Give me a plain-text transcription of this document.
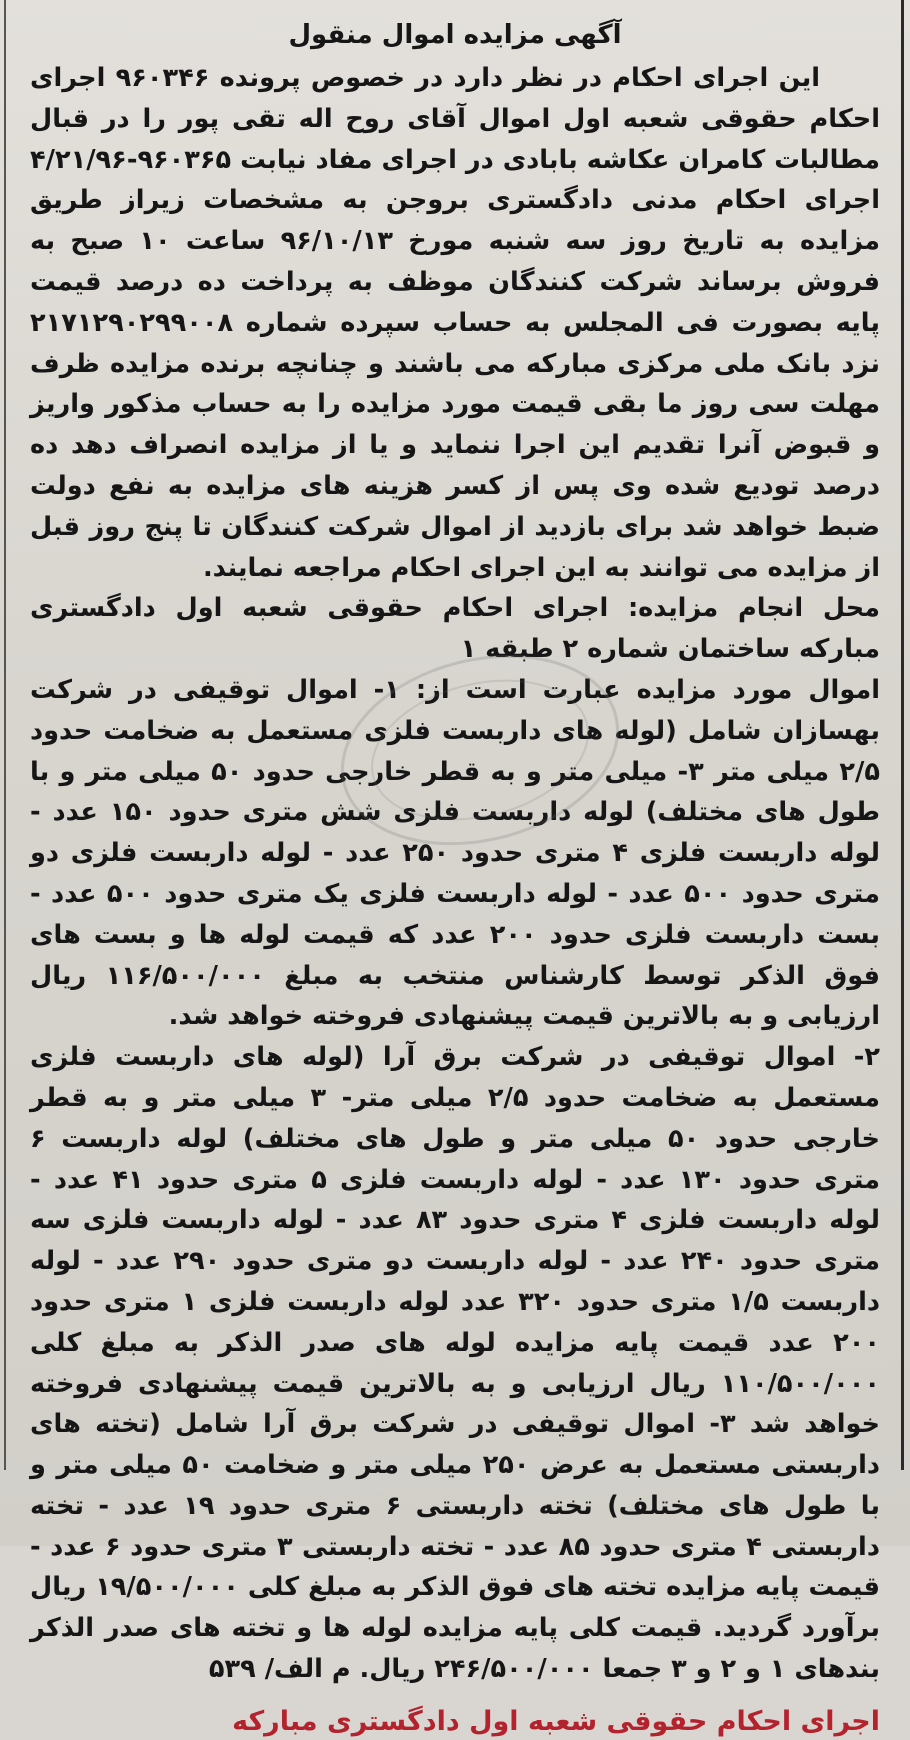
آگهی مزایده اموال منقول

این اجرای احکام در نظر دارد در خصوص پرونده ۹۶۰۳۴۶ اجرای احکام حقوقی شعبه اول اموال آقای روح اله تقی پور را در قبال مطالبات کامران عکاشه بابادی در اجرای مفاد نیابت ۹۶۰۳۶۵-۴/۲۱/۹۶ اجرای احکام مدنی دادگستری بروجن به مشخصات زیراز طریق مزایده به تاریخ روز سه شنبه مورخ ۹۶/۱۰/۱۳ ساعت ۱۰ صبح به فروش برساند شرکت کنندگان موظف به پرداخت ده درصد قیمت پایه بصورت فی المجلس به حساب سپرده شماره ۲۱۷۱۲۹۰۲۹۹۰۰۸ نزد بانک ملی مرکزی مبارکه می باشند و چنانچه برنده مزایده ظرف مهلت سی روز ما بقی قیمت مورد مزایده را به حساب مذکور واریز و قبوض آنرا تقدیم این اجرا ننماید و یا از مزایده انصراف دهد ده درصد تودیع شده وی پس از کسر هزینه های مزایده به نفع دولت ضبط خواهد شد برای بازدید از اموال شرکت کنندگان تا پنج روز قبل از مزایده می توانند به این اجرای احکام مراجعه نمایند.

محل انجام مزایده: اجرای احکام حقوقی شعبه اول دادگستری مبارکه ساختمان شماره ۲ طبقه ۱

اموال مورد مزایده عبارت است از: ۱- اموال توقیفی در شرکت بهسازان شامل (لوله های داربست فلزی مستعمل به ضخامت حدود ۲/۵ میلی متر ۳- میلی متر و به قطر خارجی حدود ۵۰ میلی متر و با طول های مختلف) لوله داربست فلزی شش متری حدود ۱۵۰ عدد - لوله داربست فلزی ۴ متری حدود ۲۵۰ عدد - لوله داربست فلزی دو متری حدود ۵۰۰ عدد - لوله داربست فلزی یک متری حدود ۵۰۰ عدد - بست داربست فلزی حدود ۲۰۰ عدد که قیمت لوله ها و بست های فوق الذکر توسط کارشناس منتخب به مبلغ ۱۱۶/۵۰۰/۰۰۰ ریال ارزیابی و به بالاترین قیمت پیشنهادی فروخته خواهد شد.

۲- اموال توقیفی در شرکت برق آرا (لوله های داربست فلزی مستعمل به ضخامت حدود ۲/۵ میلی متر- ۳ میلی متر و به قطر خارجی حدود ۵۰ میلی متر و طول های مختلف) لوله داربست ۶ متری حدود ۱۳۰ عدد - لوله داربست فلزی ۵ متری حدود ۴۱ عدد - لوله داربست فلزی ۴ متری حدود ۸۳ عدد - لوله داربست فلزی سه متری حدود ۲۴۰ عدد - لوله داربست دو متری حدود ۲۹۰ عدد - لوله داربست ۱/۵ متری حدود ۳۲۰ عدد لوله داربست فلزی ۱ متری حدود ۲۰۰ عدد قیمت پایه مزایده لوله های صدر الذکر به مبلغ کلی ۱۱۰/۵۰۰/۰۰۰ ریال ارزیابی و به بالاترین قیمت پیشنهادی فروخته خواهد شد ۳- اموال توقیفی در شرکت برق آرا شامل (تخته های داربستی مستعمل به عرض ۲۵۰ میلی متر و ضخامت ۵۰ میلی متر و با طول های مختلف) تخته داربستی ۶ متری حدود ۱۹ عدد - تخته داربستی ۴ متری حدود ۸۵ عدد - تخته داربستی ۳ متری حدود ۶ عدد - قیمت پایه مزایده تخته های فوق الذکر به مبلغ کلی ۱۹/۵۰۰/۰۰۰ ریال برآورد گردید. قیمت کلی پایه مزایده لوله ها و تخته های صدر الذکر بندهای ۱ و ۲ و ۳ جمعا ۲۴۶/۵۰۰/۰۰۰ ریال. م الف/ ۵۳۹

اجرای احکام حقوقی شعبه اول دادگستری مبارکه
